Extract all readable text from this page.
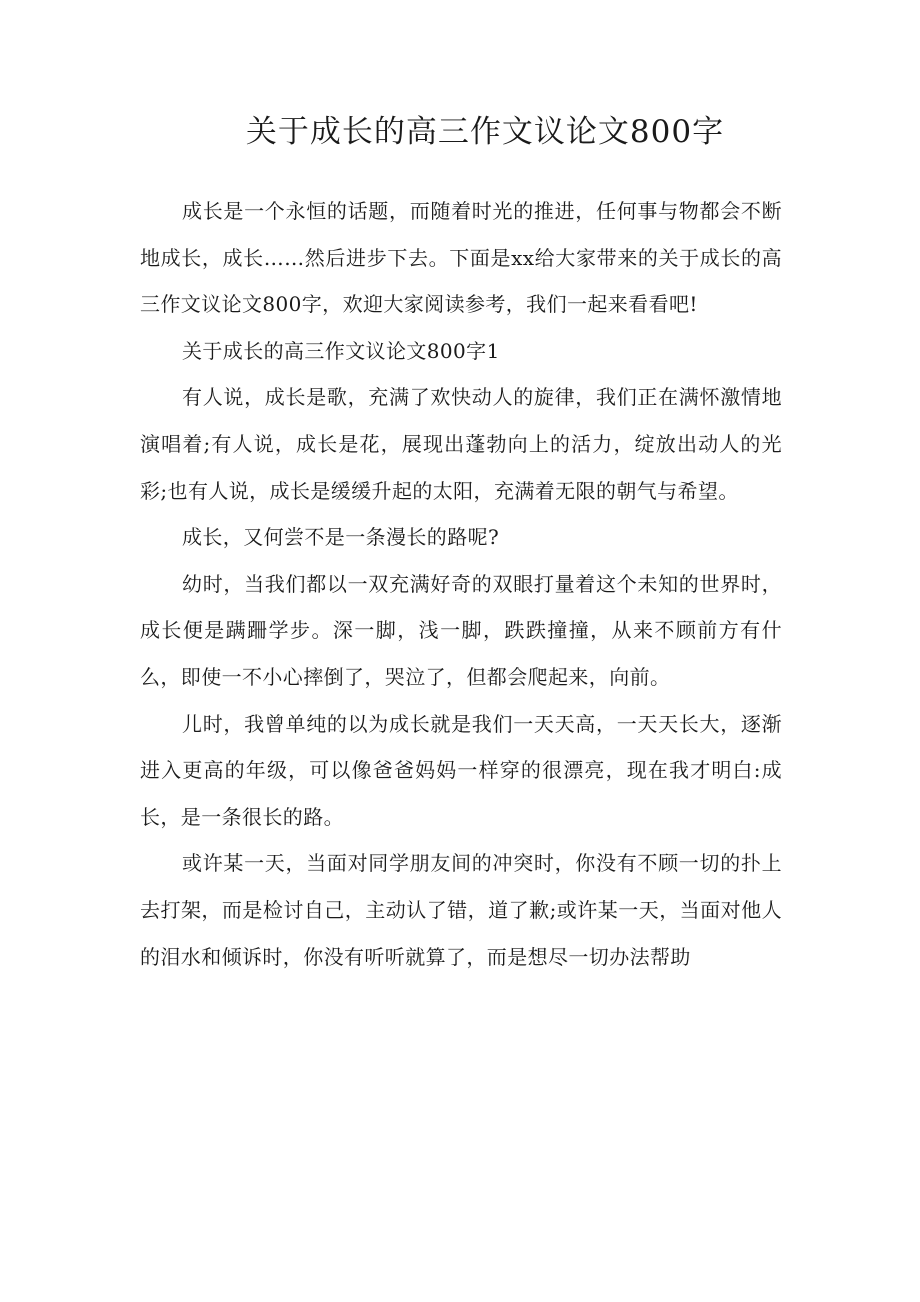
关于成长的高三作文议论文800字

成长是一个永恒的话题，而随着时光的推进，任何事与物都会不断地成长，成长……然后进步下去。下面是xx给大家带来的关于成长的高三作文议论文800字，欢迎大家阅读参考，我们一起来看看吧!

关于成长的高三作文议论文800字1

有人说，成长是歌，充满了欢快动人的旋律，我们正在满怀激情地演唱着;有人说，成长是花，展现出蓬勃向上的活力，绽放出动人的光彩;也有人说，成长是缓缓升起的太阳，充满着无限的朝气与希望。

成长，又何尝不是一条漫长的路呢?

幼时，当我们都以一双充满好奇的双眼打量着这个未知的世界时，成长便是蹒跚学步。深一脚，浅一脚，跌跌撞撞，从来不顾前方有什么，即使一不小心摔倒了，哭泣了，但都会爬起来，向前。

儿时，我曾单纯的以为成长就是我们一天天高，一天天长大，逐渐进入更高的年级，可以像爸爸妈妈一样穿的很漂亮，现在我才明白:成长，是一条很长的路。

或许某一天，当面对同学朋友间的冲突时，你没有不顾一切的扑上去打架，而是检讨自己，主动认了错，道了歉;或许某一天，当面对他人的泪水和倾诉时，你没有听听就算了，而是想尽一切办法帮助
